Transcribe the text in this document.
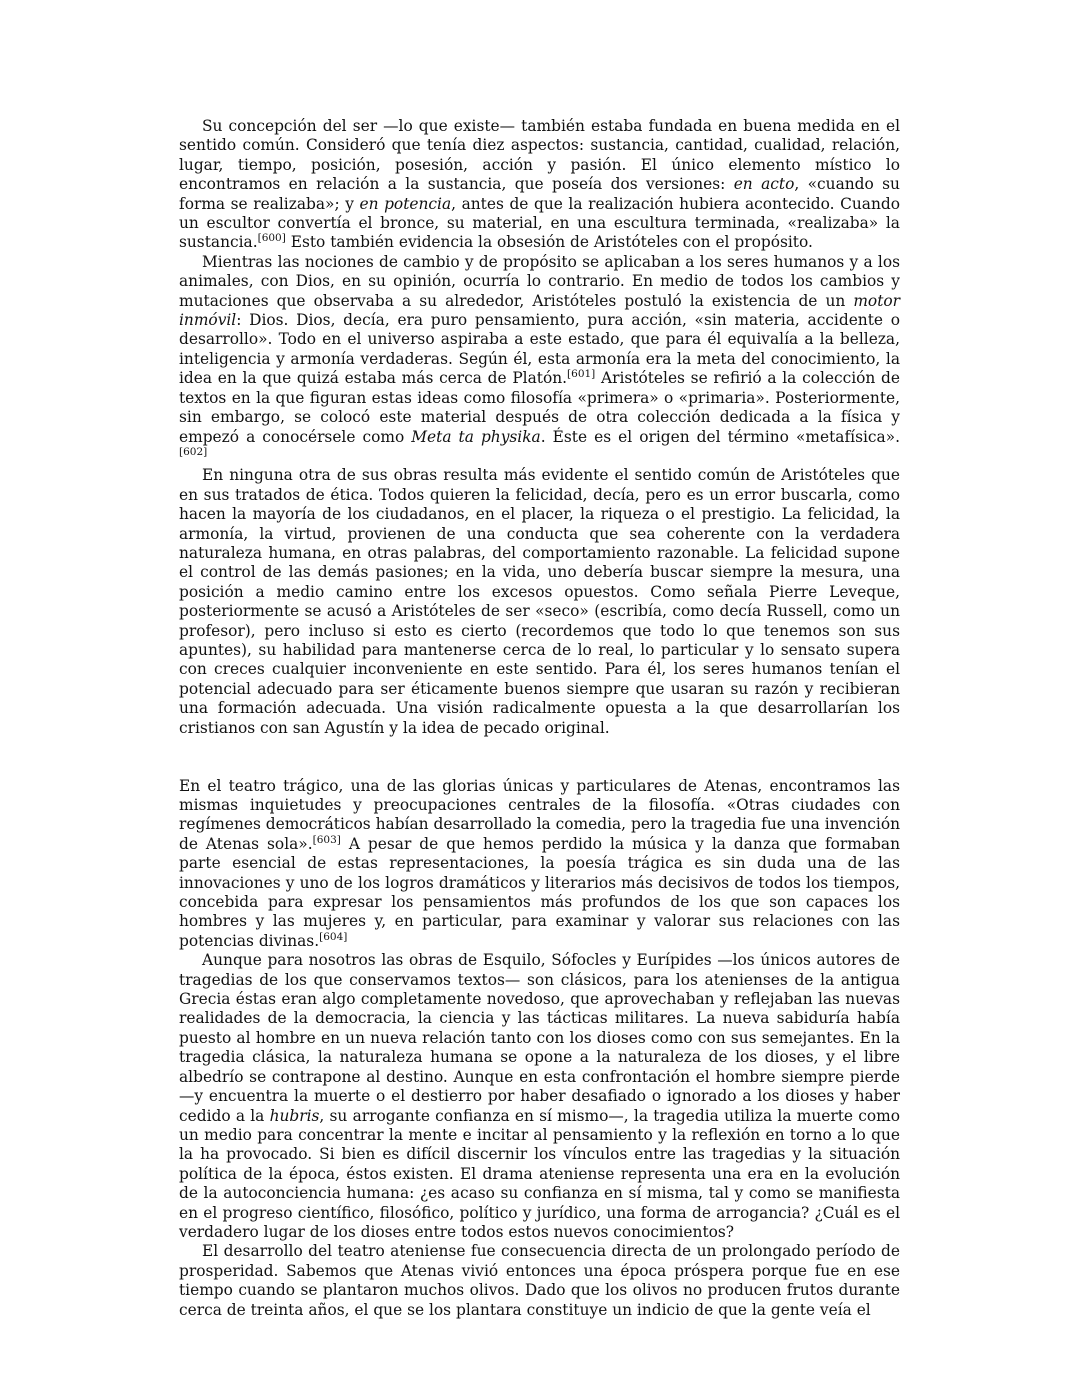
Su concepción del ser —lo que existe— también estaba fundada en buena medida en el sentido común. Consideró que tenía diez aspectos: sustancia, cantidad, cualidad, relación, lugar, tiempo, posición, posesión, acción y pasión. El único elemento místico lo encontramos en relación a la sustancia, que poseía dos versiones: en acto, «cuando su forma se realizaba»; y en potencia, antes de que la realización hubiera acontecido. Cuando un escultor convertía el bronce, su material, en una escultura terminada, «realizaba» la sustancia.[600] Esto también evidencia la obsesión de Aristóteles con el propósito.

Mientras las nociones de cambio y de propósito se aplicaban a los seres humanos y a los animales, con Dios, en su opinión, ocurría lo contrario. En medio de todos los cambios y mutaciones que observaba a su alrededor, Aristóteles postuló la existencia de un motor inmóvil: Dios. Dios, decía, era puro pensamiento, pura acción, «sin materia, accidente o desarrollo». Todo en el universo aspiraba a este estado, que para él equivalía a la belleza, inteligencia y armonía verdaderas. Según él, esta armonía era la meta del conocimiento, la idea en la que quizá estaba más cerca de Platón.[601] Aristóteles se refirió a la colección de textos en la que figuran estas ideas como filosofía «primera» o «primaria». Posteriormente, sin embargo, se colocó este material después de otra colección dedicada a la física y empezó a conocérsele como Meta ta physika. Éste es el origen del término «metafísica».[602]

En ninguna otra de sus obras resulta más evidente el sentido común de Aristóteles que en sus tratados de ética. Todos quieren la felicidad, decía, pero es un error buscarla, como hacen la mayoría de los ciudadanos, en el placer, la riqueza o el prestigio. La felicidad, la armonía, la virtud, provienen de una conducta que sea coherente con la verdadera naturaleza humana, en otras palabras, del comportamiento razonable. La felicidad supone el control de las demás pasiones; en la vida, uno debería buscar siempre la mesura, una posición a medio camino entre los excesos opuestos. Como señala Pierre Leveque, posteriormente se acusó a Aristóteles de ser «seco» (escribía, como decía Russell, como un profesor), pero incluso si esto es cierto (recordemos que todo lo que tenemos son sus apuntes), su habilidad para mantenerse cerca de lo real, lo particular y lo sensato supera con creces cualquier inconveniente en este sentido. Para él, los seres humanos tenían el potencial adecuado para ser éticamente buenos siempre que usaran su razón y recibieran una formación adecuada. Una visión radicalmente opuesta a la que desarrollarían los cristianos con san Agustín y la idea de pecado original.

En el teatro trágico, una de las glorias únicas y particulares de Atenas, encontramos las mismas inquietudes y preocupaciones centrales de la filosofía. «Otras ciudades con regímenes democráticos habían desarrollado la comedia, pero la tragedia fue una invención de Atenas sola».[603] A pesar de que hemos perdido la música y la danza que formaban parte esencial de estas representaciones, la poesía trágica es sin duda una de las innovaciones y uno de los logros dramáticos y literarios más decisivos de todos los tiempos, concebida para expresar los pensamientos más profundos de los que son capaces los hombres y las mujeres y, en particular, para examinar y valorar sus relaciones con las potencias divinas.[604]

Aunque para nosotros las obras de Esquilo, Sófocles y Eurípides —los únicos autores de tragedias de los que conservamos textos— son clásicos, para los atenienses de la antigua Grecia éstas eran algo completamente novedoso, que aprovechaban y reflejaban las nuevas realidades de la democracia, la ciencia y las tácticas militares. La nueva sabiduría había puesto al hombre en un nueva relación tanto con los dioses como con sus semejantes. En la tragedia clásica, la naturaleza humana se opone a la naturaleza de los dioses, y el libre albedrío se contrapone al destino. Aunque en esta confrontación el hombre siempre pierde —y encuentra la muerte o el destierro por haber desafiado o ignorado a los dioses y haber cedido a la hubris, su arrogante confianza en sí mismo—, la tragedia utiliza la muerte como un medio para concentrar la mente e incitar al pensamiento y la reflexión en torno a lo que la ha provocado. Si bien es difícil discernir los vínculos entre las tragedias y la situación política de la época, éstos existen. El drama ateniense representa una era en la evolución de la autoconciencia humana: ¿es acaso su confianza en sí misma, tal y como se manifiesta en el progreso científico, filosófico, político y jurídico, una forma de arrogancia? ¿Cuál es el verdadero lugar de los dioses entre todos estos nuevos conocimientos?

El desarrollo del teatro ateniense fue consecuencia directa de un prolongado período de prosperidad. Sabemos que Atenas vivió entonces una época próspera porque fue en ese tiempo cuando se plantaron muchos olivos. Dado que los olivos no producen frutos durante cerca de treinta años, el que se los plantara constituye un indicio de que la gente veía el
